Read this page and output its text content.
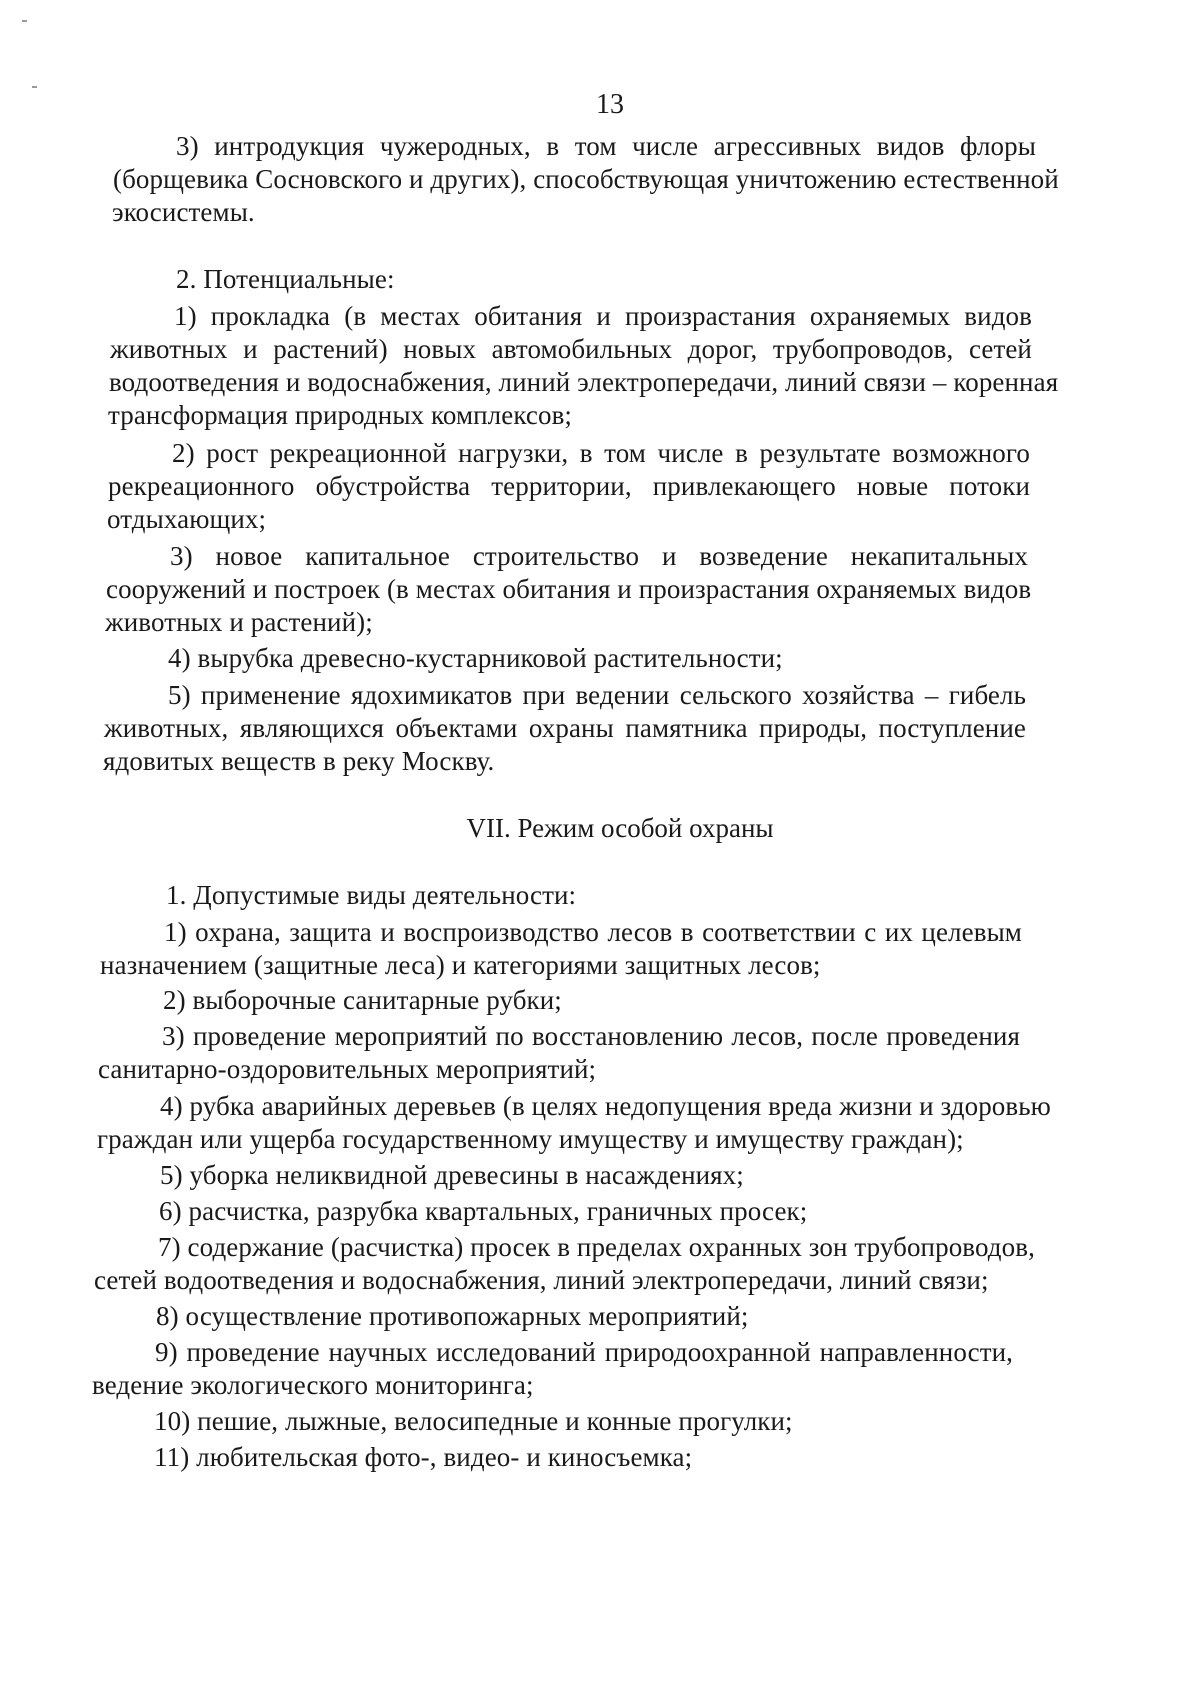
13
3) интродукция чужеродных, в том числе агрессивных видов флоры
(борщевика Сосновского и других), способствующая уничтожению естественной
экосистемы.
2. Потенциальные:
1) прокладка (в местах обитания и произрастания охраняемых видов
животных и растений) новых автомобильных дорог, трубопроводов, сетей
водоотведения и водоснабжения, линий электропередачи, линий связи – коренная
трансформация природных комплексов;
2) рост рекреационной нагрузки, в том числе в результате возможного
рекреационного обустройства территории, привлекающего новые потоки
отдыхающих;
3) новое капитальное строительство и возведение некапитальных
сооружений и построек (в местах обитания и произрастания охраняемых видов
животных и растений);
4) вырубка древесно-кустарниковой растительности;
5) применение ядохимикатов при ведении сельского хозяйства – гибель
животных, являющихся объектами охраны памятника природы, поступление
ядовитых веществ в реку Москву.
VII. Режим особой охраны
1. Допустимые виды деятельности:
1) охрана, защита и воспроизводство лесов в соответствии с их целевым
назначением (защитные леса) и категориями защитных лесов;
2) выборочные санитарные рубки;
3) проведение мероприятий по восстановлению лесов, после проведения
санитарно-оздоровительных мероприятий;
4) рубка аварийных деревьев (в целях недопущения вреда жизни и здоровью
граждан или ущерба государственному имуществу и имуществу граждан);
5) уборка неликвидной древесины в насаждениях;
6) расчистка, разрубка квартальных, граничных просек;
7) содержание (расчистка) просек в пределах охранных зон трубопроводов,
сетей водоотведения и водоснабжения, линий электропередачи, линий связи;
8) осуществление противопожарных мероприятий;
9) проведение научных исследований природоохранной направленности,
ведение экологического мониторинга;
10) пешие, лыжные, велосипедные и конные прогулки;
11) любительская фото-, видео- и киносъемка;
